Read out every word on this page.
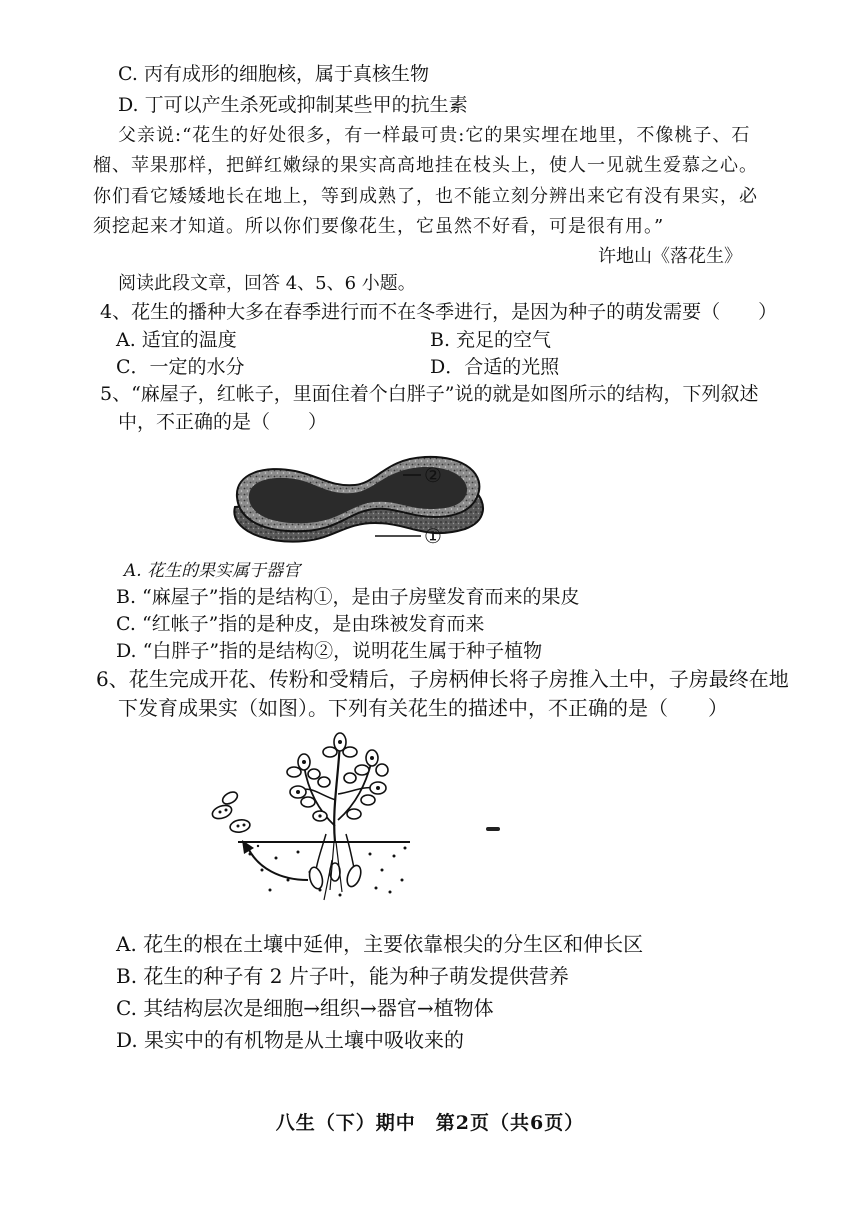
C. 丙有成形的细胞核，属于真核生物
D. 丁可以产生杀死或抑制某些甲的抗生素
父亲说:“花生的好处很多，有一样最可贵:它的果实埋在地里，不像桃子、石
榴、苹果那样，把鲜红嫩绿的果实高高地挂在枝头上，使人一见就生爱慕之心。
你们看它矮矮地长在地上，等到成熟了，也不能立刻分辨出来它有没有果实，必
须挖起来才知道。所以你们要像花生，它虽然不好看，可是很有用。”
许地山《落花生》
阅读此段文章，回答 4、5、6 小题。
4、花生的播种大多在春季进行而不在冬季进行，是因为种子的萌发需要（　　）
A. 适宜的温度	B. 充足的空气
C．一定的水分	D．合适的光照
5、“麻屋子，红帐子，里面住着个白胖子”说的就是如图所示的结构，下列叙述
中，不正确的是（　　）
②
①
A. 花生的果实属于器官
B. “麻屋子”指的是结构①，是由子房壁发育而来的果皮
C. “红帐子”指的是种皮，是由珠被发育而来
D. “白胖子”指的是结构②，说明花生属于种子植物
6、花生完成开花、传粉和受精后，子房柄伸长将子房推入土中，子房最终在地
下发育成果实（如图）。下列有关花生的描述中，不正确的是（　　）
A. 花生的根在土壤中延伸，主要依靠根尖的分生区和伸长区
B. 花生的种子有 2 片子叶，能为种子萌发提供营养
C. 其结构层次是细胞→组织→器官→植物体
D. 果实中的有机物是从土壤中吸收来的
八生（下）期中　第2页（共6页）
